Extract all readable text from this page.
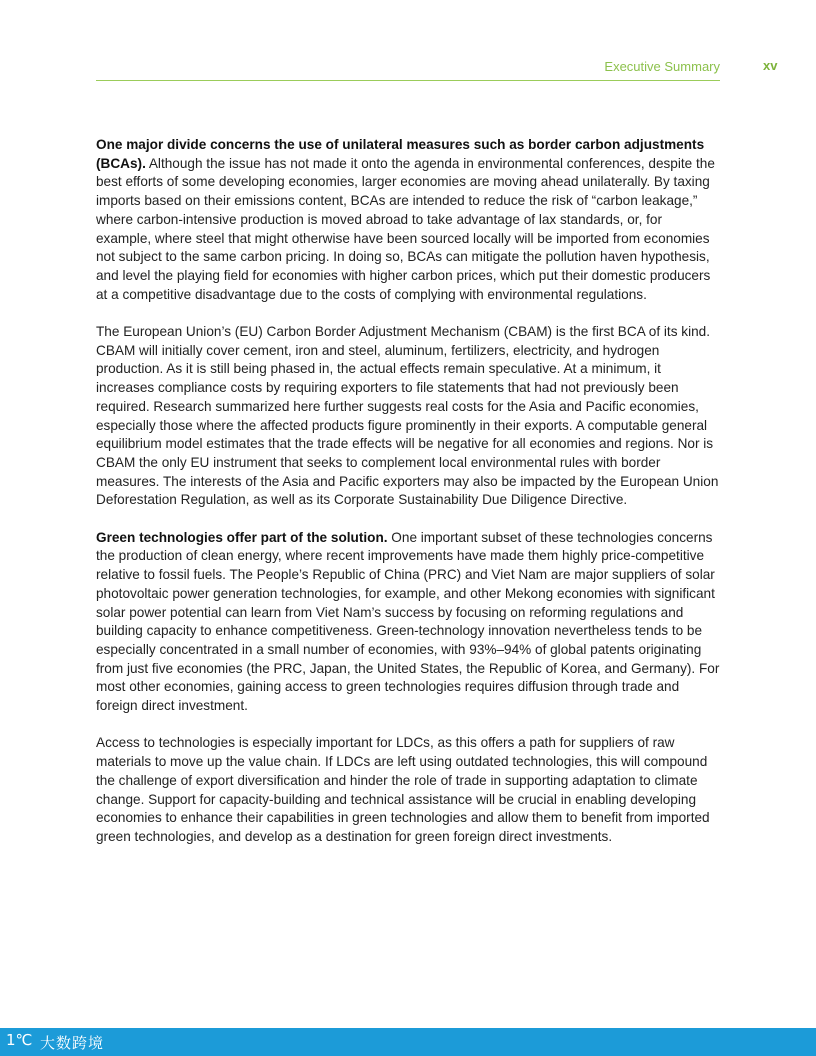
Executive Summary	xv

One major divide concerns the use of unilateral measures such as border carbon adjustments (BCAs). Although the issue has not made it onto the agenda in environmental conferences, despite the best efforts of some developing economies, larger economies are moving ahead unilaterally. By taxing imports based on their emissions content, BCAs are intended to reduce the risk of “carbon leakage,” where carbon-intensive production is moved abroad to take advantage of lax standards, or, for example, where steel that might otherwise have been sourced locally will be imported from economies not subject to the same carbon pricing. In doing so, BCAs can mitigate the pollution haven hypothesis, and level the playing field for economies with higher carbon prices, which put their domestic producers at a competitive disadvantage due to the costs of complying with environmental regulations.

The European Union’s (EU) Carbon Border Adjustment Mechanism (CBAM) is the first BCA of its kind. CBAM will initially cover cement, iron and steel, aluminum, fertilizers, electricity, and hydrogen production. As it is still being phased in, the actual effects remain speculative. At a minimum, it increases compliance costs by requiring exporters to file statements that had not previously been required. Research summarized here further suggests real costs for the Asia and Pacific economies, especially those where the affected products figure prominently in their exports. A computable general equilibrium model estimates that the trade effects will be negative for all economies and regions. Nor is CBAM the only EU instrument that seeks to complement local environmental rules with border measures. The interests of the Asia and Pacific exporters may also be impacted by the European Union Deforestation Regulation, as well as its Corporate Sustainability Due Diligence Directive.

Green technologies offer part of the solution. One important subset of these technologies concerns the production of clean energy, where recent improvements have made them highly price-competitive relative to fossil fuels. The People’s Republic of China (PRC) and Viet Nam are major suppliers of solar photovoltaic power generation technologies, for example, and other Mekong economies with significant solar power potential can learn from Viet Nam’s success by focusing on reforming regulations and building capacity to enhance competitiveness. Green-technology innovation nevertheless tends to be especially concentrated in a small number of economies, with 93%–94% of global patents originating from just five economies (the PRC, Japan, the United States, the Republic of Korea, and Germany). For most other economies, gaining access to green technologies requires diffusion through trade and foreign direct investment.

Access to technologies is especially important for LDCs, as this offers a path for suppliers of raw materials to move up the value chain. If LDCs are left using outdated technologies, this will compound the challenge of export diversification and hinder the role of trade in supporting adaptation to climate change. Support for capacity-building and technical assistance will be crucial in enabling developing economies to enhance their capabilities in green technologies and allow them to benefit from imported green technologies, and develop as a destination for green foreign direct investments.

1℃ 大数跨境
